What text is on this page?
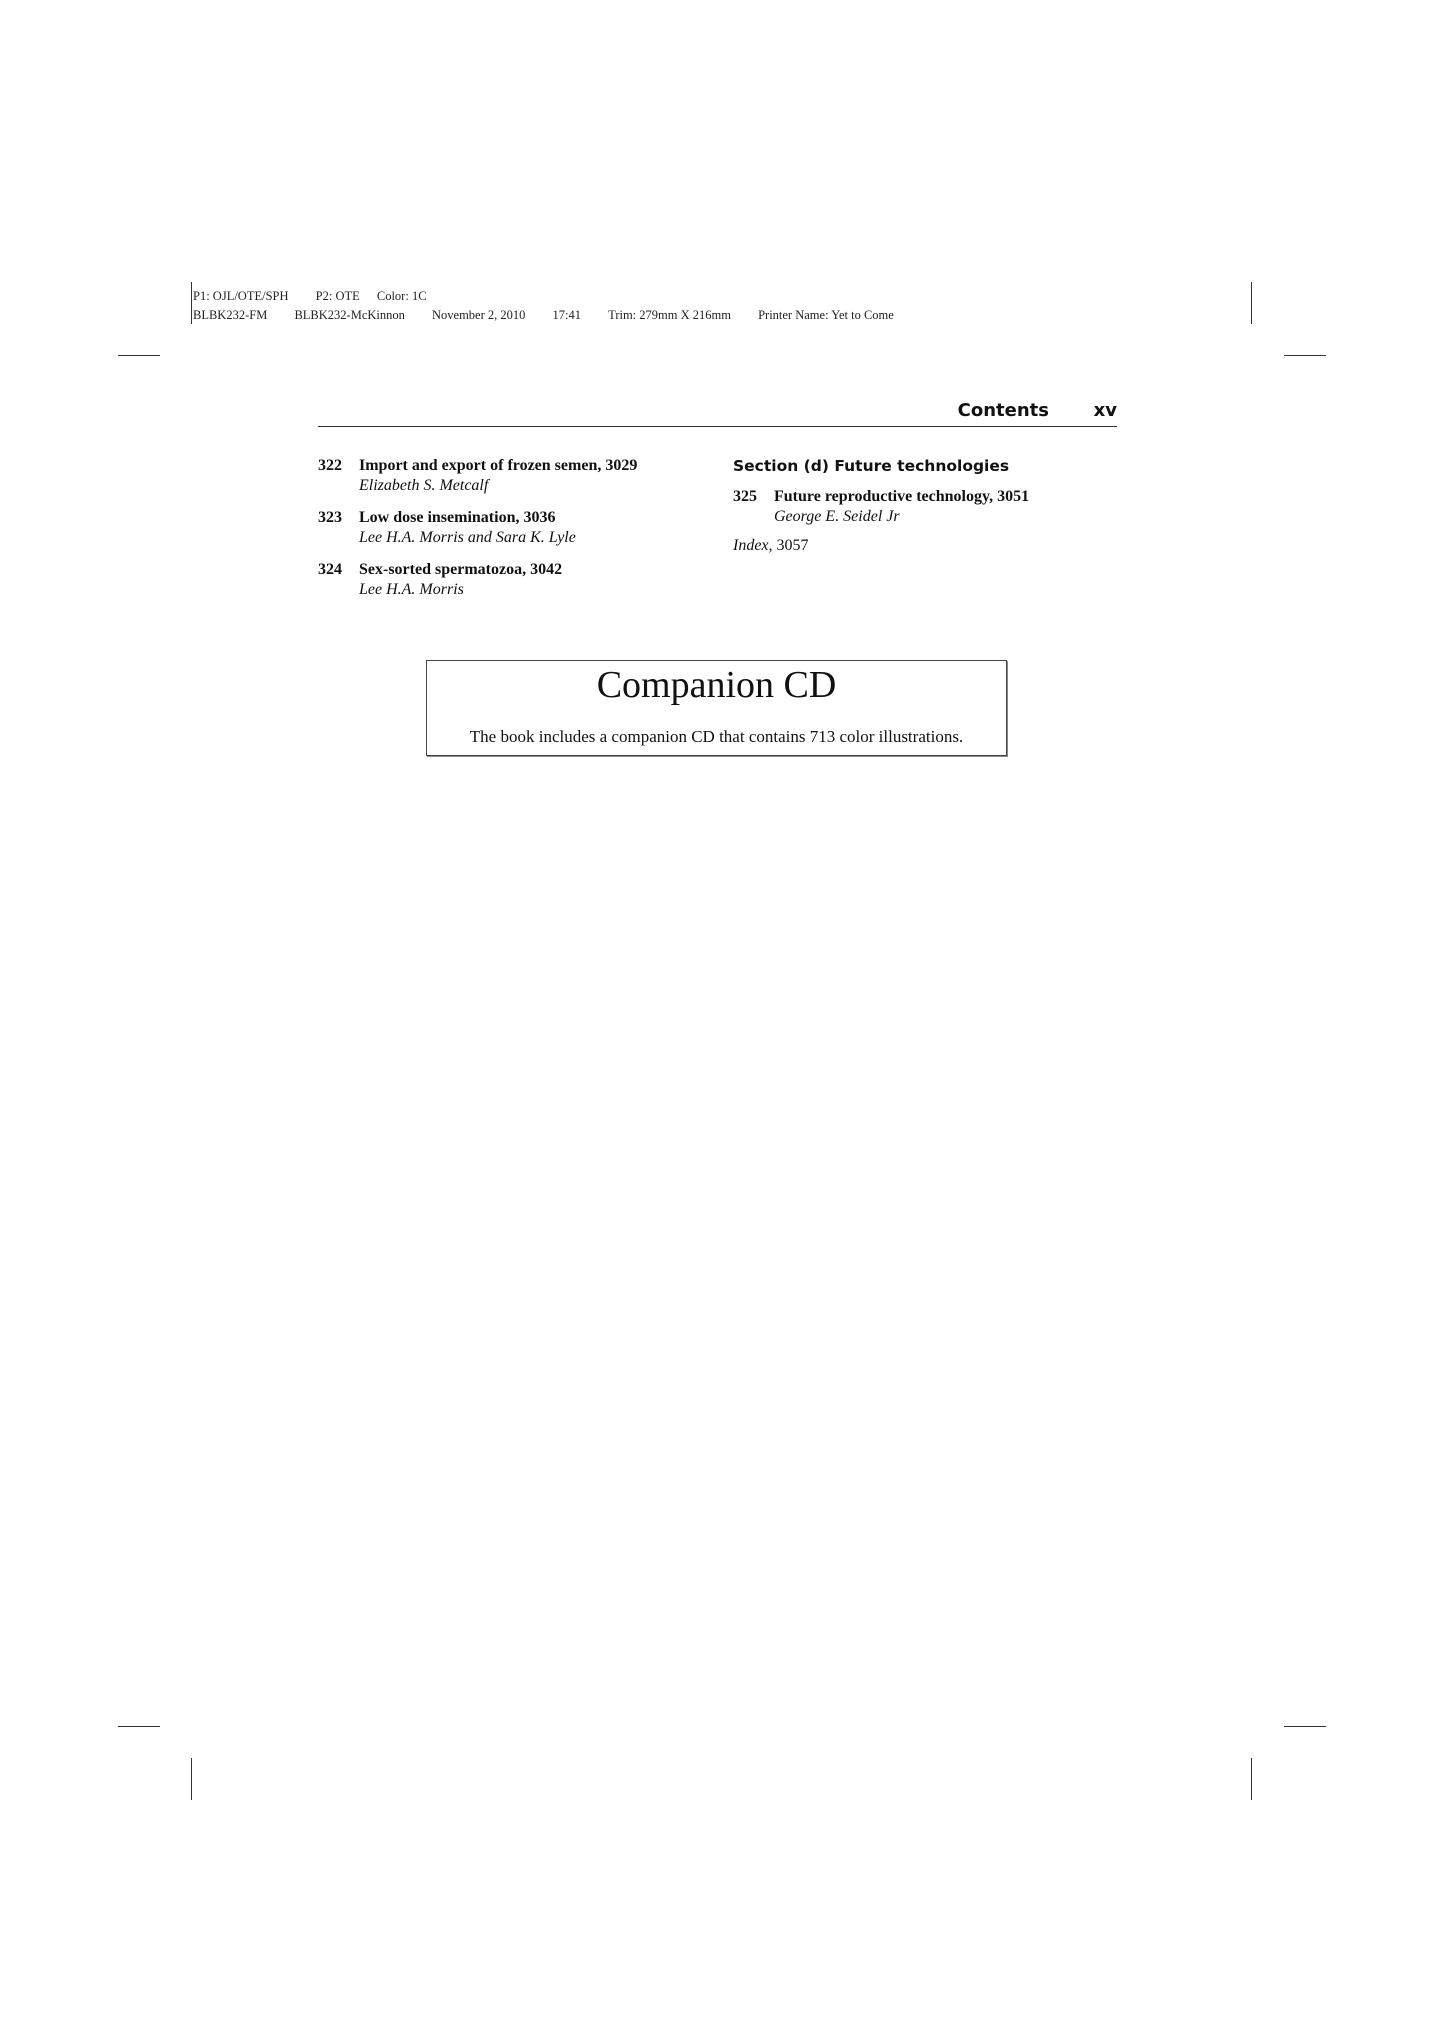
P1: OJL/OTE/SPH P2: OTE Color: 1C
BLBK232-FM BLBK232-McKinnon November 2, 2010 17:41 Trim: 279mm X 216mm Printer Name: Yet to Come
Contents xv
322 Import and export of frozen semen, 3029
Elizabeth S. Metcalf
323 Low dose insemination, 3036
Lee H.A. Morris and Sara K. Lyle
324 Sex-sorted spermatozoa, 3042
Lee H.A. Morris
Section (d) Future technologies
325 Future reproductive technology, 3051
George E. Seidel Jr
Index, 3057
Companion CD
The book includes a companion CD that contains 713 color illustrations.
